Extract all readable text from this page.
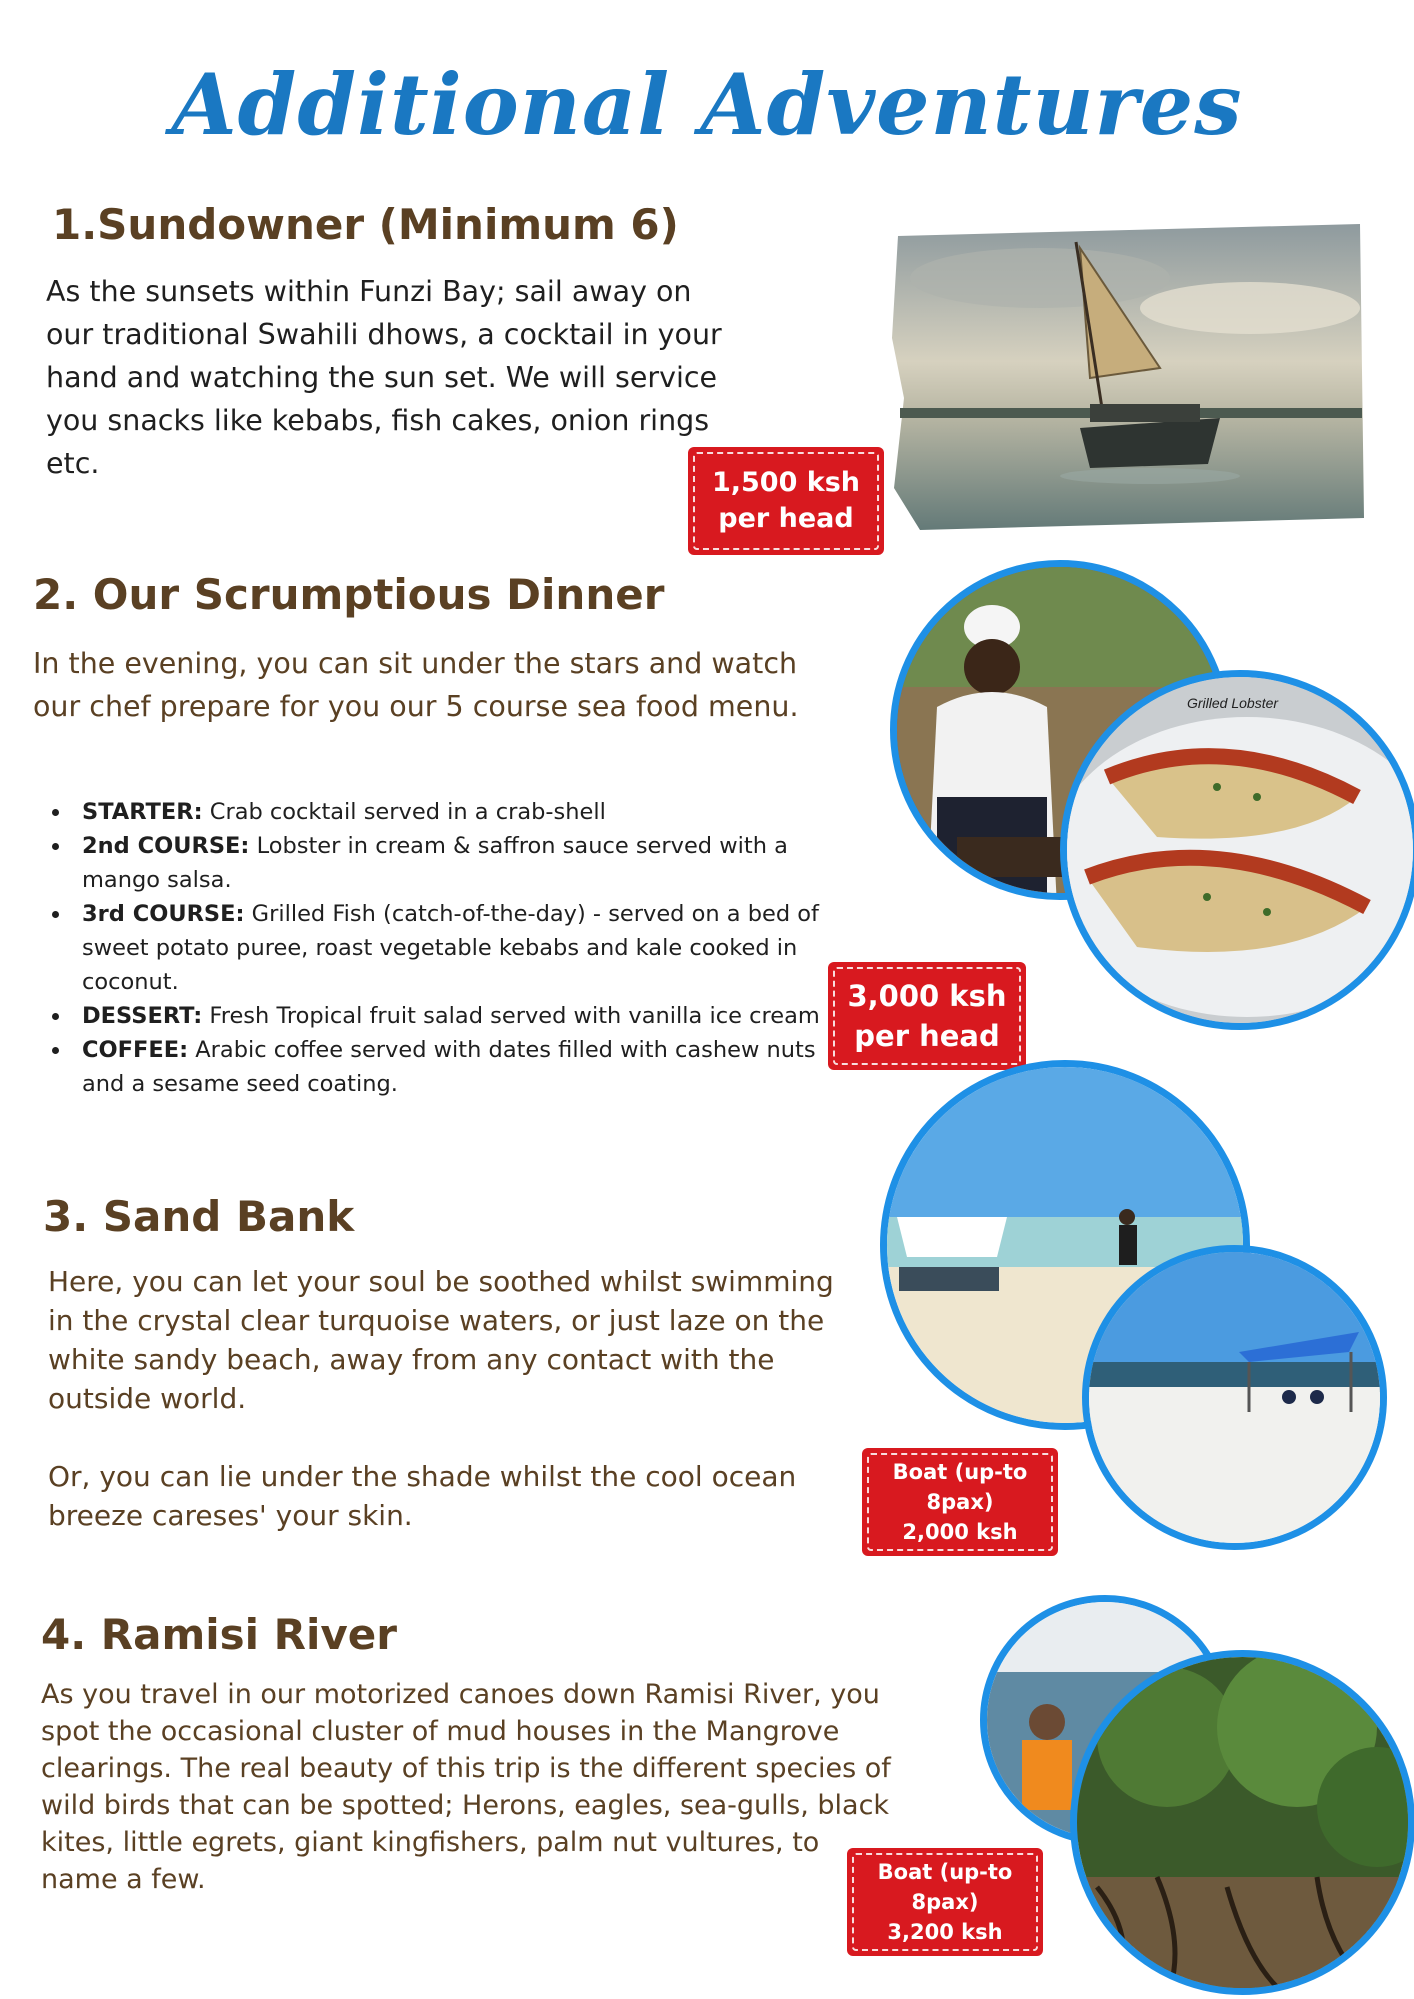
Additional Adventures
1.Sundowner (Minimum 6)
As the sunsets within Funzi Bay; sail away on our traditional Swahili dhows, a cocktail in your hand and watching the sun set. We will service you snacks like kebabs, fish cakes, onion rings etc.
1,500 ksh
per head
2. Our Scrumptious Dinner
In the evening, you can sit under the stars and watch our chef prepare for you our 5 course sea food menu.
• STARTER: Crab cocktail served in a crab-shell
• 2nd COURSE: Lobster in cream & saffron sauce served with a mango salsa.
• 3rd COURSE: Grilled Fish (catch-of-the-day) - served on a bed of sweet potato puree, roast vegetable kebabs and kale cooked in coconut.
• DESSERT: Fresh Tropical fruit salad served with vanilla ice cream
• COFFEE: Arabic coffee served with dates filled with cashew nuts and a sesame seed coating.
3,000 ksh
per head
Grilled Lobster
3. Sand Bank
Here, you can let your soul be soothed whilst swimming in the crystal clear turquoise waters, or just laze on the white sandy beach, away from any contact with the outside world.
Or, you can lie under the shade whilst the cool ocean breeze careses' your skin.
Boat (up-to
8pax)
2,000 ksh
4. Ramisi River
As you travel in our motorized canoes down Ramisi River, you spot the occasional cluster of mud houses in the Mangrove clearings. The real beauty of this trip is the different species of wild birds that can be spotted; Herons, eagles, sea-gulls, black kites, little egrets, giant kingfishers, palm nut vultures, to name a few.	Boat (up-to
8pax)
3,200 ksh
